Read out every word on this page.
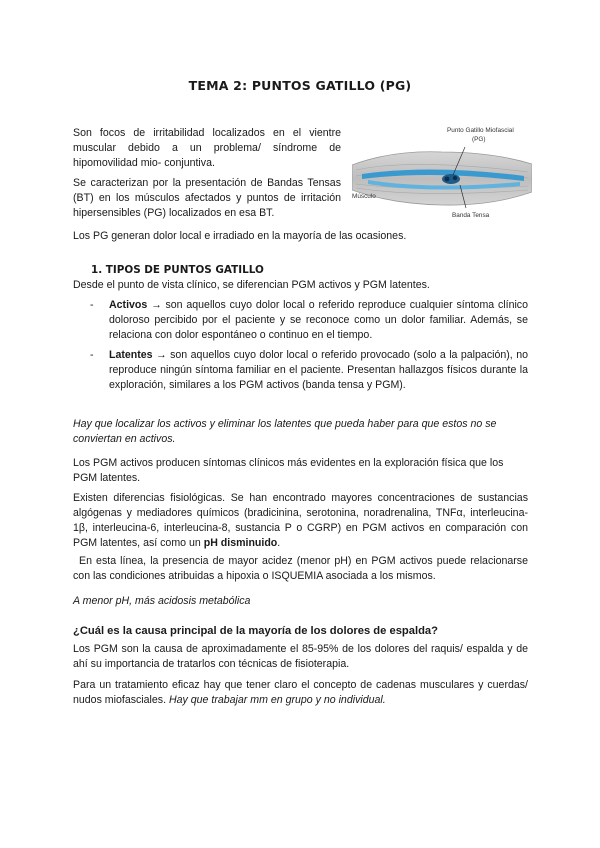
TEMA 2: PUNTOS GATILLO (PG)

Son focos de irritabilidad localizados en el vientre muscular debido a un problema/ síndrome de hipomovilidad mio- conjuntiva.

Se caracterizan por la presentación de Bandas Tensas (BT) en los músculos afectados y puntos de irritación hipersensibles (PG) localizados en esa BT.

Los PG generan dolor local e irradiado en la mayoría de las ocasiones.

Punto Gatillo Miofascial
(PG)
Músculo
Banda Tensa
1. TIPOS DE PUNTOS GATILLO

Desde el punto de vista clínico, se diferencian PGM activos y PGM latentes.

- Activos → son aquellos cuyo dolor local o referido reproduce cualquier síntoma clínico doloroso percibido por el paciente y se reconoce como un dolor familiar. Además, se relaciona con dolor espontáneo o continuo en el tiempo.

- Latentes → son aquellos cuyo dolor local o referido provocado (solo a la palpación), no reproduce ningún síntoma familiar en el paciente. Presentan hallazgos físicos durante la exploración, similares a los PGM activos (banda tensa y PGM).

Hay que localizar los activos y eliminar los latentes que pueda haber para que estos no se conviertan en activos.

Los PGM activos producen síntomas clínicos más evidentes en la exploración física que los PGM latentes.

Existen diferencias fisiológicas. Se han encontrado mayores concentraciones de sustancias algógenas y mediadores químicos (bradicinina, serotonina, noradrenalina, TNFα, interleucina-1β, interleucina-6, interleucina-8, sustancia P o CGRP) en PGM activos en comparación con PGM latentes, así como un pH disminuido.

En esta línea, la presencia de mayor acidez (menor pH) en PGM activos puede relacionarse con las condiciones atribuidas a hipoxia o ISQUEMIA asociada a los mismos.

A menor pH, más acidosis metabólica

¿Cuál es la causa principal de la mayoría de los dolores de espalda?

Los PGM son la causa de aproximadamente el 85-95% de los dolores del raquis/ espalda y de ahí su importancia de tratarlos con técnicas de fisioterapia.

Para un tratamiento eficaz hay que tener claro el concepto de cadenas musculares y cuerdas/ nudos miofasciales. Hay que trabajar mm en grupo y no individual.
